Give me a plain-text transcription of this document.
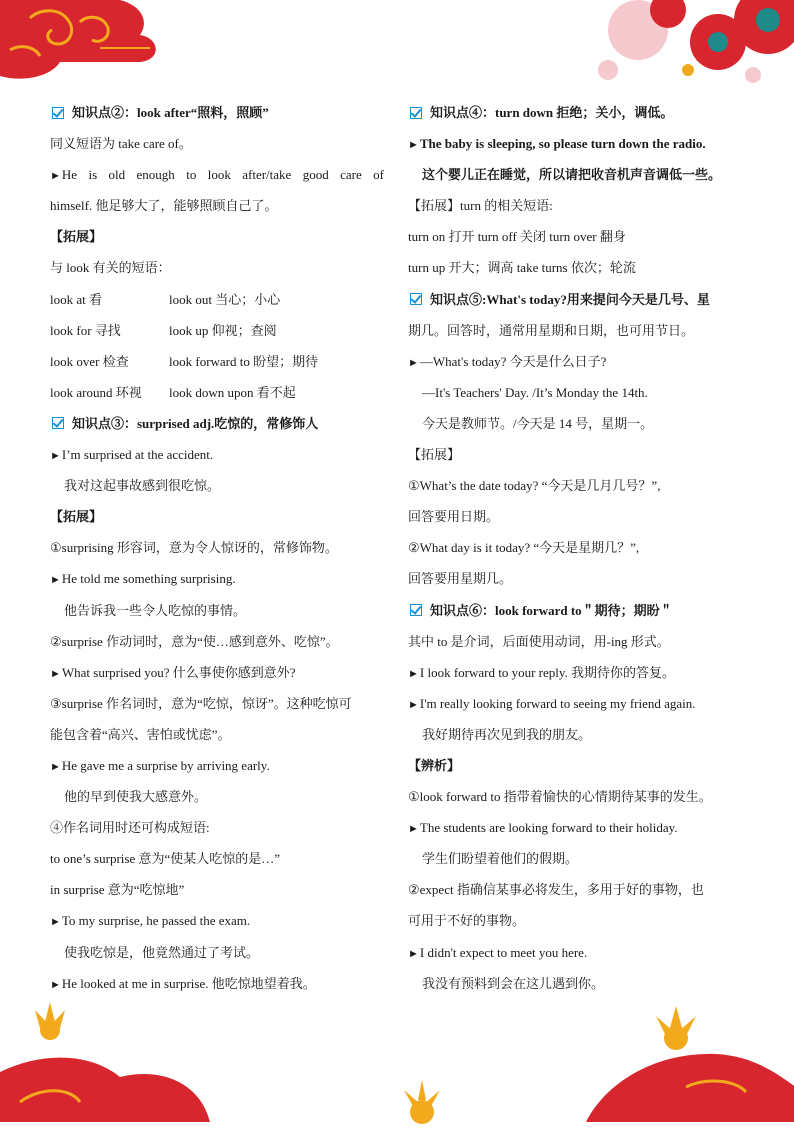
知识点②：look after“照料，照顾”
同义短语为 take care of。
►He is old enough to look after/take good care of
himself. 他足够大了，能够照顾自己了。
【拓展】
与 look 有关的短语：
look at 看	look out 当心；小心
look for 寻找	look up 仰视；查阅
look over 检查	look forward to 盼望；期待
look around 环视	look down upon 看不起
知识点③：surprised adj.吃惊的，常修饰人
►I’m surprised at the accident.
我对这起事故感到很吃惊。
【拓展】
①surprising 形容词，意为令人惊讶的，常修饰物。
►He told me something surprising.
他告诉我一些令人吃惊的事情。
②surprise 作动词时，意为“使…感到意外、吃惊”。
►What surprised you? 什么事使你感到意外?
③surprise 作名词时，意为“吃惊，惊讶”。这种吃惊可
能包含着“高兴、害怕或忧虑”。
►He gave me a surprise by arriving early.
他的早到使我大感意外。
④作名词用时还可构成短语:
to one’s surprise 意为“使某人吃惊的是…”
in surprise 意为“吃惊地”
►To my surprise, he passed the exam.
使我吃惊是，他竟然通过了考试。
►He looked at me in surprise. 他吃惊地望着我。
知识点④：turn down 拒绝；关小，调低。
►The baby is sleeping, so please turn down the radio.
这个婴儿正在睡觉，所以请把收音机声音调低一些。
【拓展】turn 的相关短语:
turn on 打开 turn off 关闭 turn over 翻身
turn up 开大；调高 take turns 依次；轮流
知识点⑤:What's today?用来提问今天是几号、星
期几。回答时，通常用星期和日期，也可用节日。
►—What's today? 今天是什么日子?
—It's Teachers' Day. /It’s Monday the 14th.
今天是教师节。/今天是 14 号，星期一。
【拓展】
①What’s the date today? “今天是几月几号？”,
回答要用日期。
②What day is it today? “今天是星期几？”,
回答要用星期几。
知识点⑥：look forward to＂期待；期盼＂
其中 to 是介词，后面使用动词，用-ing 形式。
►I look forward to your reply. 我期待你的答复。
►I'm really looking forward to seeing my friend again.
我好期待再次见到我的朋友。
【辨析】
①look forward to 指带着愉快的心情期待某事的发生。
►The students are looking forward to their holiday.
学生们盼望着他们的假期。
②expect 指确信某事必将发生，多用于好的事物，也
可用于不好的事物。
►I didn't expect to meet you here.
我没有预料到会在这儿遇到你。
